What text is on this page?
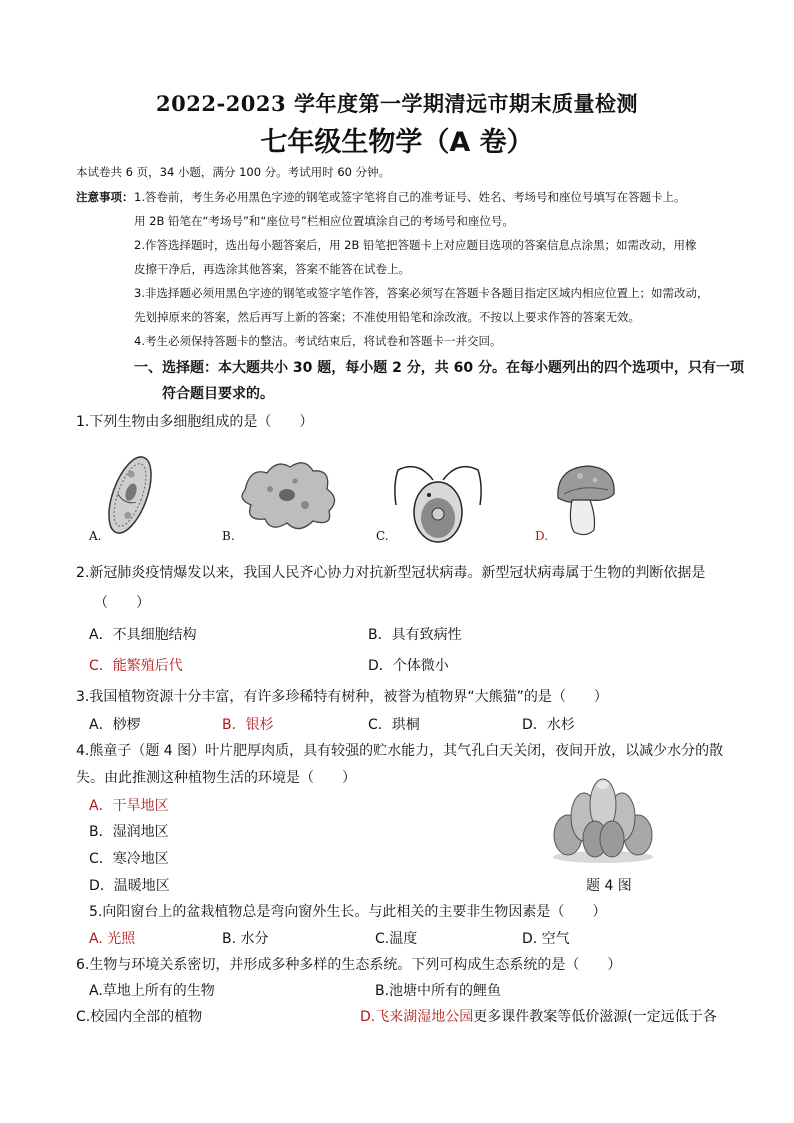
2022-2023 学年度第一学期清远市期末质量检测
七年级生物学（A 卷）
本试卷共 6 页，34 小题，满分 100 分。考试用时 60 分钟。
注意事项： 1.答卷前，考生务必用黑色字迹的钢笔或签字笔将自己的准考证号、姓名、考场号和座位号填写在答题卡上。
用 2B 铅笔在“考场号”和“座位号”栏相应位置填涂自己的考场号和座位号。
2.作答选择题时，选出每小题答案后，用 2B 铅笔把答题卡上对应题目选项的答案信息点涂黑；如需改动，用橡
皮擦干净后，再选涂其他答案，答案不能答在试卷上。
3.非选择题必须用黑色字迹的钢笔或签字笔作答，答案必须写在答题卡各题目指定区域内相应位置上；如需改动，
先划掉原来的答案，然后再写上新的答案；不准使用铅笔和涂改液。不按以上要求作答的答案无效。
4.考生必须保持答题卡的整洁。考试结束后，将试卷和答题卡一并交回。
一、选择题：本大题共小 30 题，每小题 2 分，共 60 分。在每小题列出的四个选项中，只有一项
符合题目要求的。
1.下列生物由多细胞组成的是（　　）
A.	B.	C.	D.
2.新冠肺炎疫情爆发以来，我国人民齐心协力对抗新型冠状病毒。新型冠状病毒属于生物的判断依据是
（　　）
A．不具细胞结构	B．具有致病性
C．能繁殖后代	D．个体微小
3.我国植物资源十分丰富，有许多珍稀特有树种，被誉为植物界“大熊猫”的是（　　）
A．桫椤	B．银杉	C．珙桐	D．水杉
4.熊童子（题 4 图）叶片肥厚肉质，具有较强的贮水能力，其气孔白天关闭，夜间开放，以减少水分的散
失。由此推测这种植物生活的环境是（　　）
A．干旱地区
B．湿润地区
C．寒冷地区
D．温暖地区	题 4 图
5.向阳窗台上的盆栽植物总是弯向窗外生长。与此相关的主要非生物因素是（　　）
A. 光照	B. 水分	C.温度	D. 空气
6.生物与环境关系密切，并形成多种多样的生态系统。下列可构成生态系统的是（　　）
A.草地上所有的生物	B.池塘中所有的鲤鱼
C.校园内全部的植物	D.飞来湖湿地公园更多课件教案等低价滋源(一定远低于各
